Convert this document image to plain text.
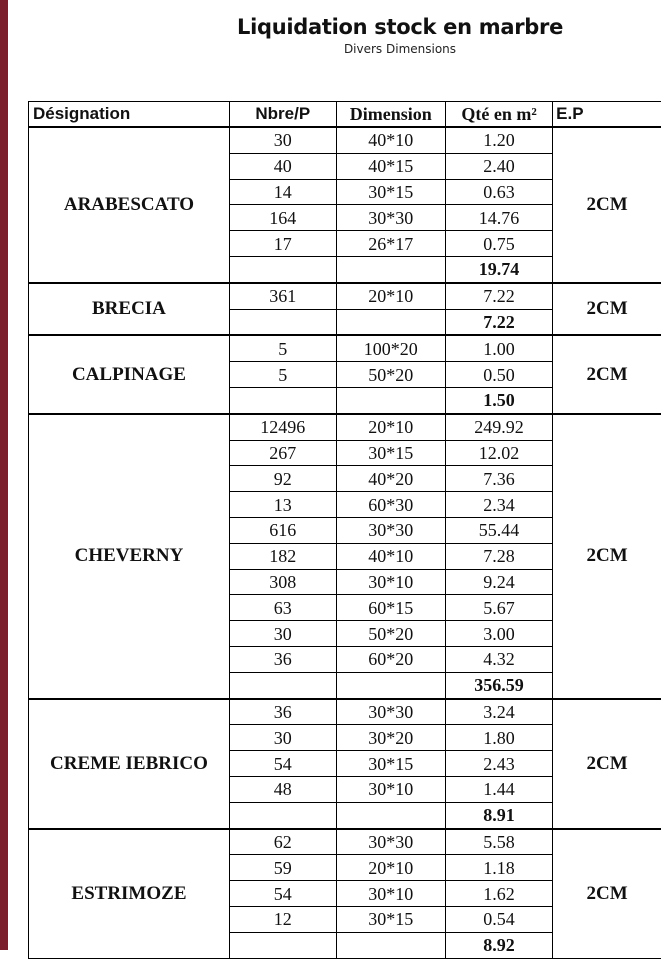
Liquidation stock en marbre
Divers Dimensions
Désignation	Nbre/P	Dimension	Qté en m²	E.P
ARABESCATO	30	40*10	1.20	2CM
	40	40*15	2.40	
	14	30*15	0.63	
	164	30*30	14.76	
	17	26*17	0.75	
			19.74	
BRECIA	361	20*10	7.22	2CM
			7.22	
CALPINAGE	5	100*20	1.00	2CM
	5	50*20	0.50	
			1.50	
CHEVERNY	12496	20*10	249.92	2CM
	267	30*15	12.02	
	92	40*20	7.36	
	13	60*30	2.34	
	616	30*30	55.44	
	182	40*10	7.28	
	308	30*10	9.24	
	63	60*15	5.67	
	30	50*20	3.00	
	36	60*20	4.32	
			356.59	
CREME IEBRICO	36	30*30	3.24	2CM
	30	30*20	1.80	
	54	30*15	2.43	
	48	30*10	1.44	
			8.91	
ESTRIMOZE	62	30*30	5.58	2CM
	59	20*10	1.18	
	54	30*10	1.62	
	12	30*15	0.54	
			8.92	
